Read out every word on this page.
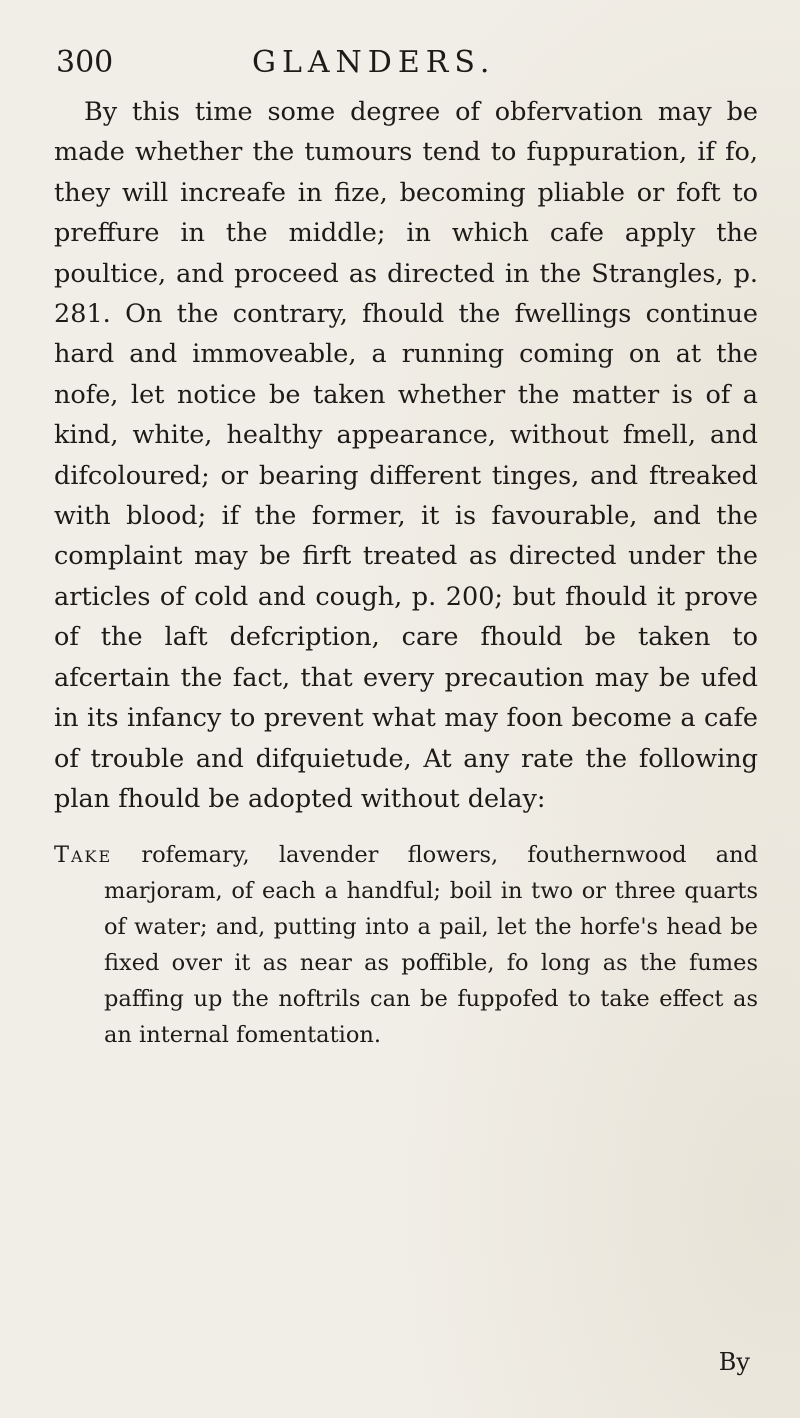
300	GLANDERS.

By this time some degree of obfervation may be made whether the tumours tend to fuppuration, if fo, they will increafe in fize, becoming pliable or foft to preffure in the middle; in which cafe apply the poultice, and proceed as directed in the Strangles, p. 281. On the contrary, fhould the fwellings continue hard and immoveable, a running coming on at the nofe, let notice be taken whether the matter is of a kind, white, healthy appearance, without fmell, and difcoloured; or bearing different tinges, and ftreaked with blood; if the former, it is favourable, and the complaint may be firft treated as directed under the articles of cold and cough, p. 200; but fhould it prove of the laft defcription, care fhould be taken to afcertain the fact, that every precaution may be ufed in its infancy to prevent what may foon become a cafe of trouble and difquietude, At any rate the following plan fhould be adopted without delay:

Take rofemary, lavender flowers, fouthernwood and marjoram, of each a handful; boil in two or three quarts of water; and, putting into a pail, let the horfe's head be fixed over it as near as poffible, fo long as the fumes paffing up the noftrils can be fuppofed to take effect as an internal fomentation.

By
